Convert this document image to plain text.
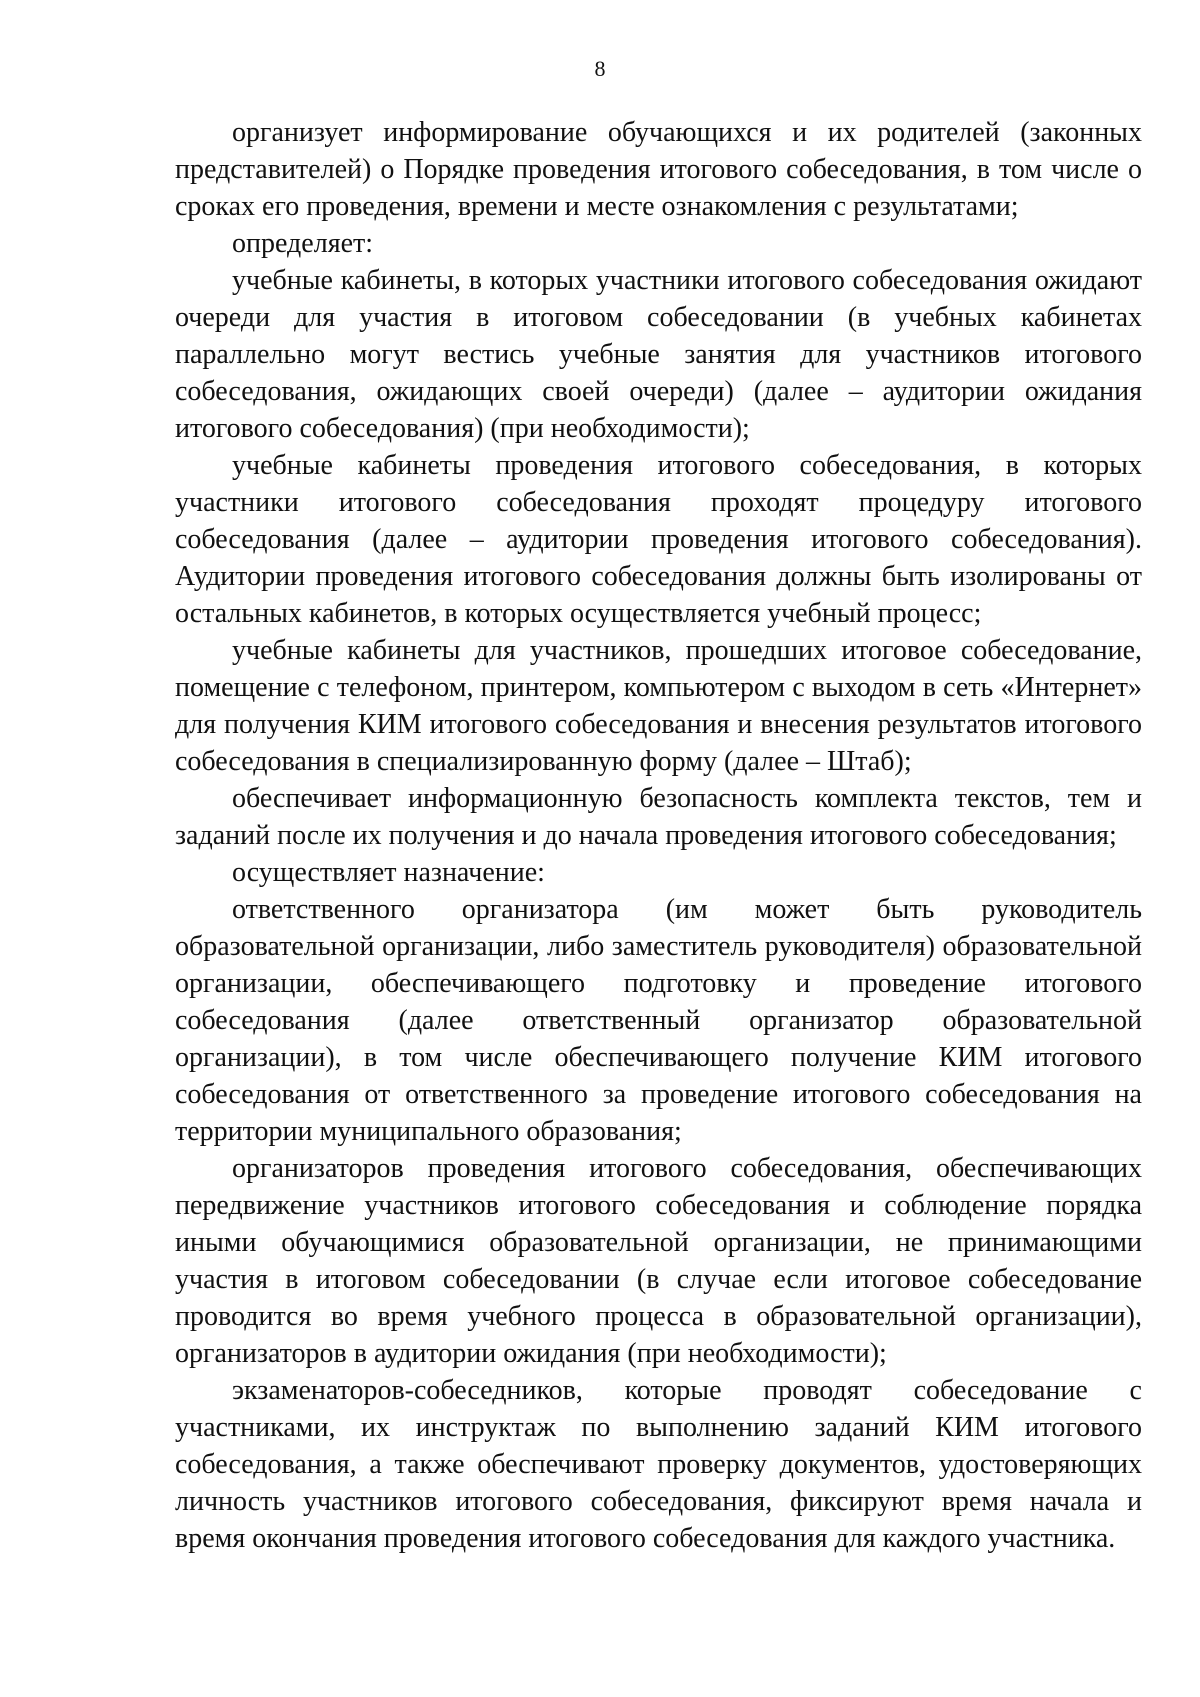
8

организует информирование обучающихся и их родителей (законных представителей) о Порядке проведения итогового собеседования, в том числе о сроках его проведения, времени и месте ознакомления с результатами;

определяет:

учебные кабинеты, в которых участники итогового собеседования ожидают очереди для участия в итоговом собеседовании (в учебных кабинетах параллельно могут вестись учебные занятия для участников итогового собеседования, ожидающих своей очереди) (далее – аудитории ожидания итогового собеседования) (при необходимости);

учебные кабинеты проведения итогового собеседования, в которых участники итогового собеседования проходят процедуру итогового собеседования (далее – аудитории проведения итогового собеседования). Аудитории проведения итогового собеседования должны быть изолированы от остальных кабинетов, в которых осуществляется учебный процесс;

учебные кабинеты для участников, прошедших итоговое собеседование, помещение с телефоном, принтером, компьютером с выходом в сеть «Интернет» для получения КИМ итогового собеседования и внесения результатов итогового собеседования в специализированную форму (далее – Штаб);

обеспечивает информационную безопасность комплекта текстов, тем и заданий после их получения и до начала проведения итогового собеседования;

осуществляет назначение:

ответственного организатора (им может быть руководитель образовательной организации, либо заместитель руководителя) образовательной организации, обеспечивающего подготовку и проведение итогового собеседования (далее ответственный организатор образовательной организации), в том числе обеспечивающего получение КИМ итогового собеседования от ответственного за проведение итогового собеседования на территории муниципального образования;

организаторов проведения итогового собеседования, обеспечивающих передвижение участников итогового собеседования и соблюдение порядка иными обучающимися образовательной организации, не принимающими участия в итоговом собеседовании (в случае если итоговое собеседование проводится во время учебного процесса в образовательной организации), организаторов в аудитории ожидания (при необходимости);

экзаменаторов-собеседников, которые проводят собеседование с участниками, их инструктаж по выполнению заданий КИМ итогового собеседования, а также обеспечивают проверку документов, удостоверяющих личность участников итогового собеседования, фиксируют время начала и время окончания проведения итогового собеседования для каждого участника.
